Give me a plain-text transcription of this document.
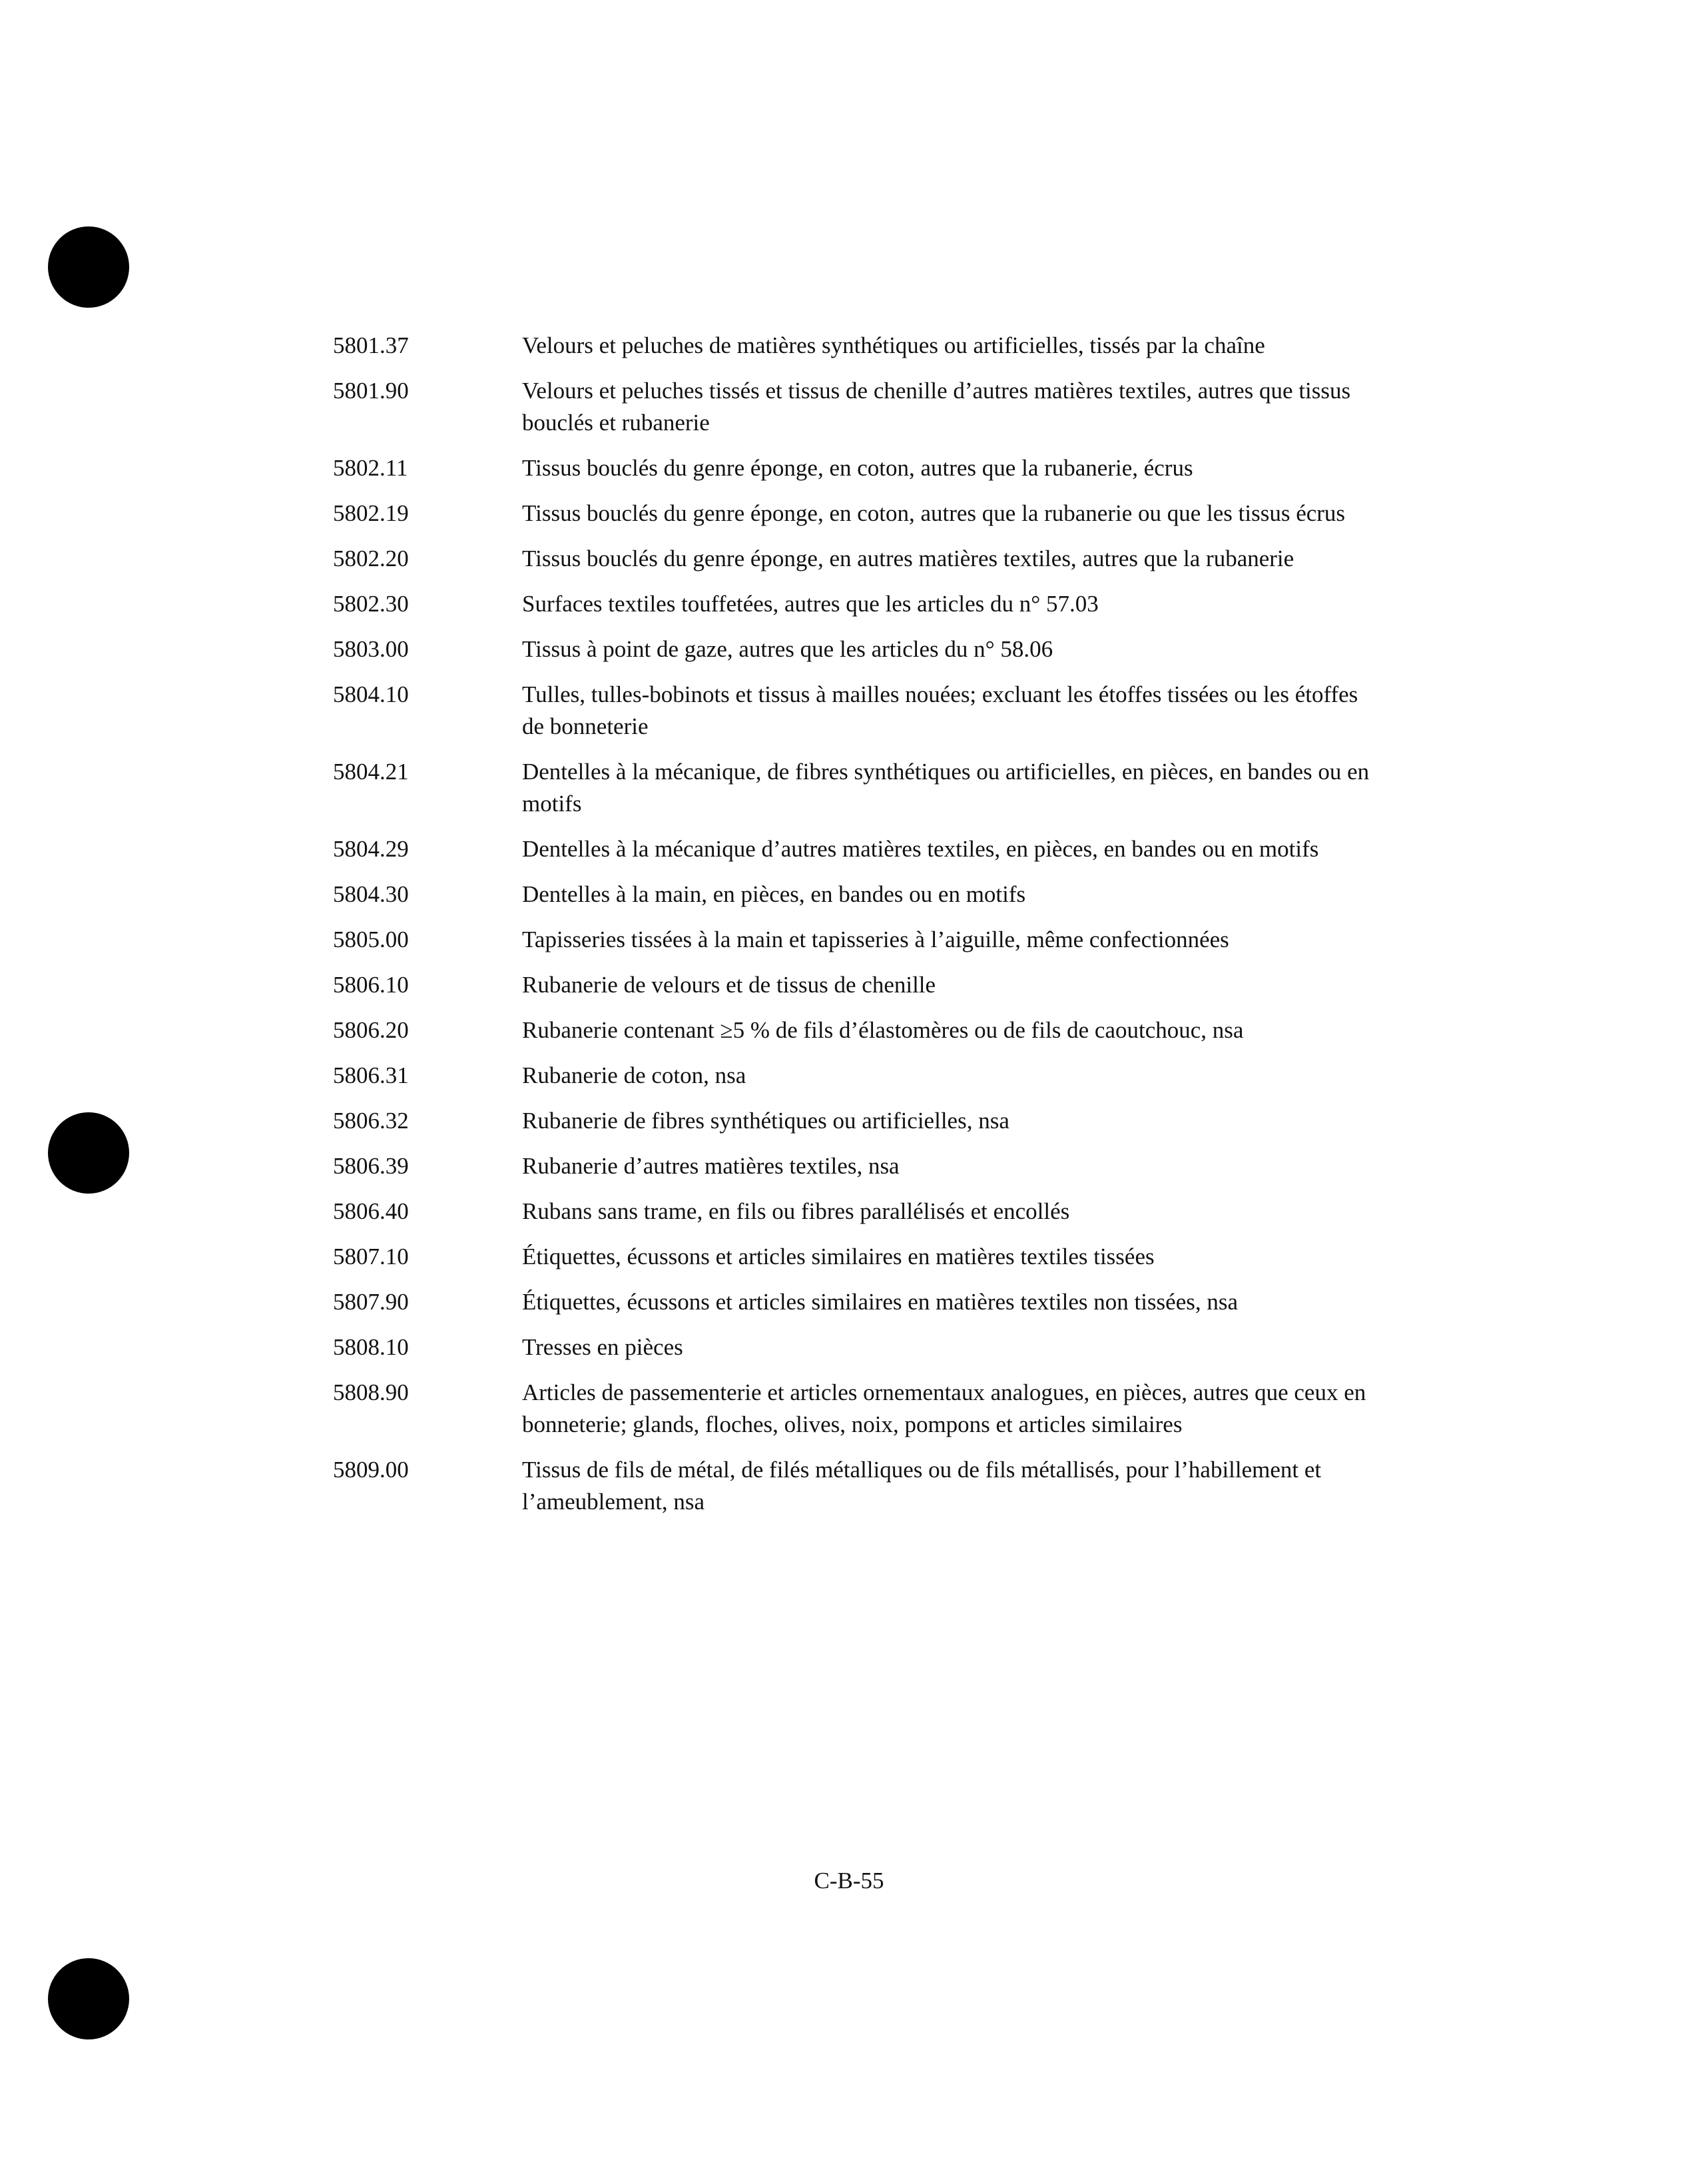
5801.37	Velours et peluches de matières synthétiques ou artificielles, tissés par la chaîne
5801.90	Velours et peluches tissés et tissus de chenille d’autres matières textiles, autres que tissus bouclés et rubanerie
5802.11	Tissus bouclés du genre éponge, en coton, autres que la rubanerie, écrus
5802.19	Tissus bouclés du genre éponge, en coton, autres que la rubanerie ou que les tissus écrus
5802.20	Tissus bouclés du genre éponge, en autres matières textiles, autres que la rubanerie
5802.30	Surfaces textiles touffetées, autres que les articles du n° 57.03
5803.00	Tissus à point de gaze, autres que les articles du n° 58.06
5804.10	Tulles, tulles-bobinots et tissus à mailles nouées; excluant les étoffes tissées ou les étoffes de bonneterie
5804.21	Dentelles à la mécanique, de fibres synthétiques ou artificielles, en pièces, en bandes ou en motifs
5804.29	Dentelles à la mécanique d’autres matières textiles, en pièces, en bandes ou en motifs
5804.30	Dentelles à la main, en pièces, en bandes ou en motifs
5805.00	Tapisseries tissées à la main et tapisseries à l’aiguille, même confectionnées
5806.10	Rubanerie de velours et de tissus de chenille
5806.20	Rubanerie contenant ≥5 % de fils d’élastomères ou de fils de caoutchouc, nsa
5806.31	Rubanerie de coton, nsa
5806.32	Rubanerie de fibres synthétiques ou artificielles, nsa
5806.39	Rubanerie d’autres matières textiles, nsa
5806.40	Rubans sans trame, en fils ou fibres parallélisés et encollés
5807.10	Étiquettes, écussons et articles similaires en matières textiles tissées
5807.90	Étiquettes, écussons et articles similaires en matières textiles non tissées, nsa
5808.10	Tresses en pièces
5808.90	Articles de passementerie et articles ornementaux analogues, en pièces, autres que ceux en bonneterie; glands, floches, olives, noix, pompons et articles similaires
5809.00	Tissus de fils de métal, de filés métalliques ou de fils métallisés, pour l’habillement et l’ameublement, nsa
C-B-55
